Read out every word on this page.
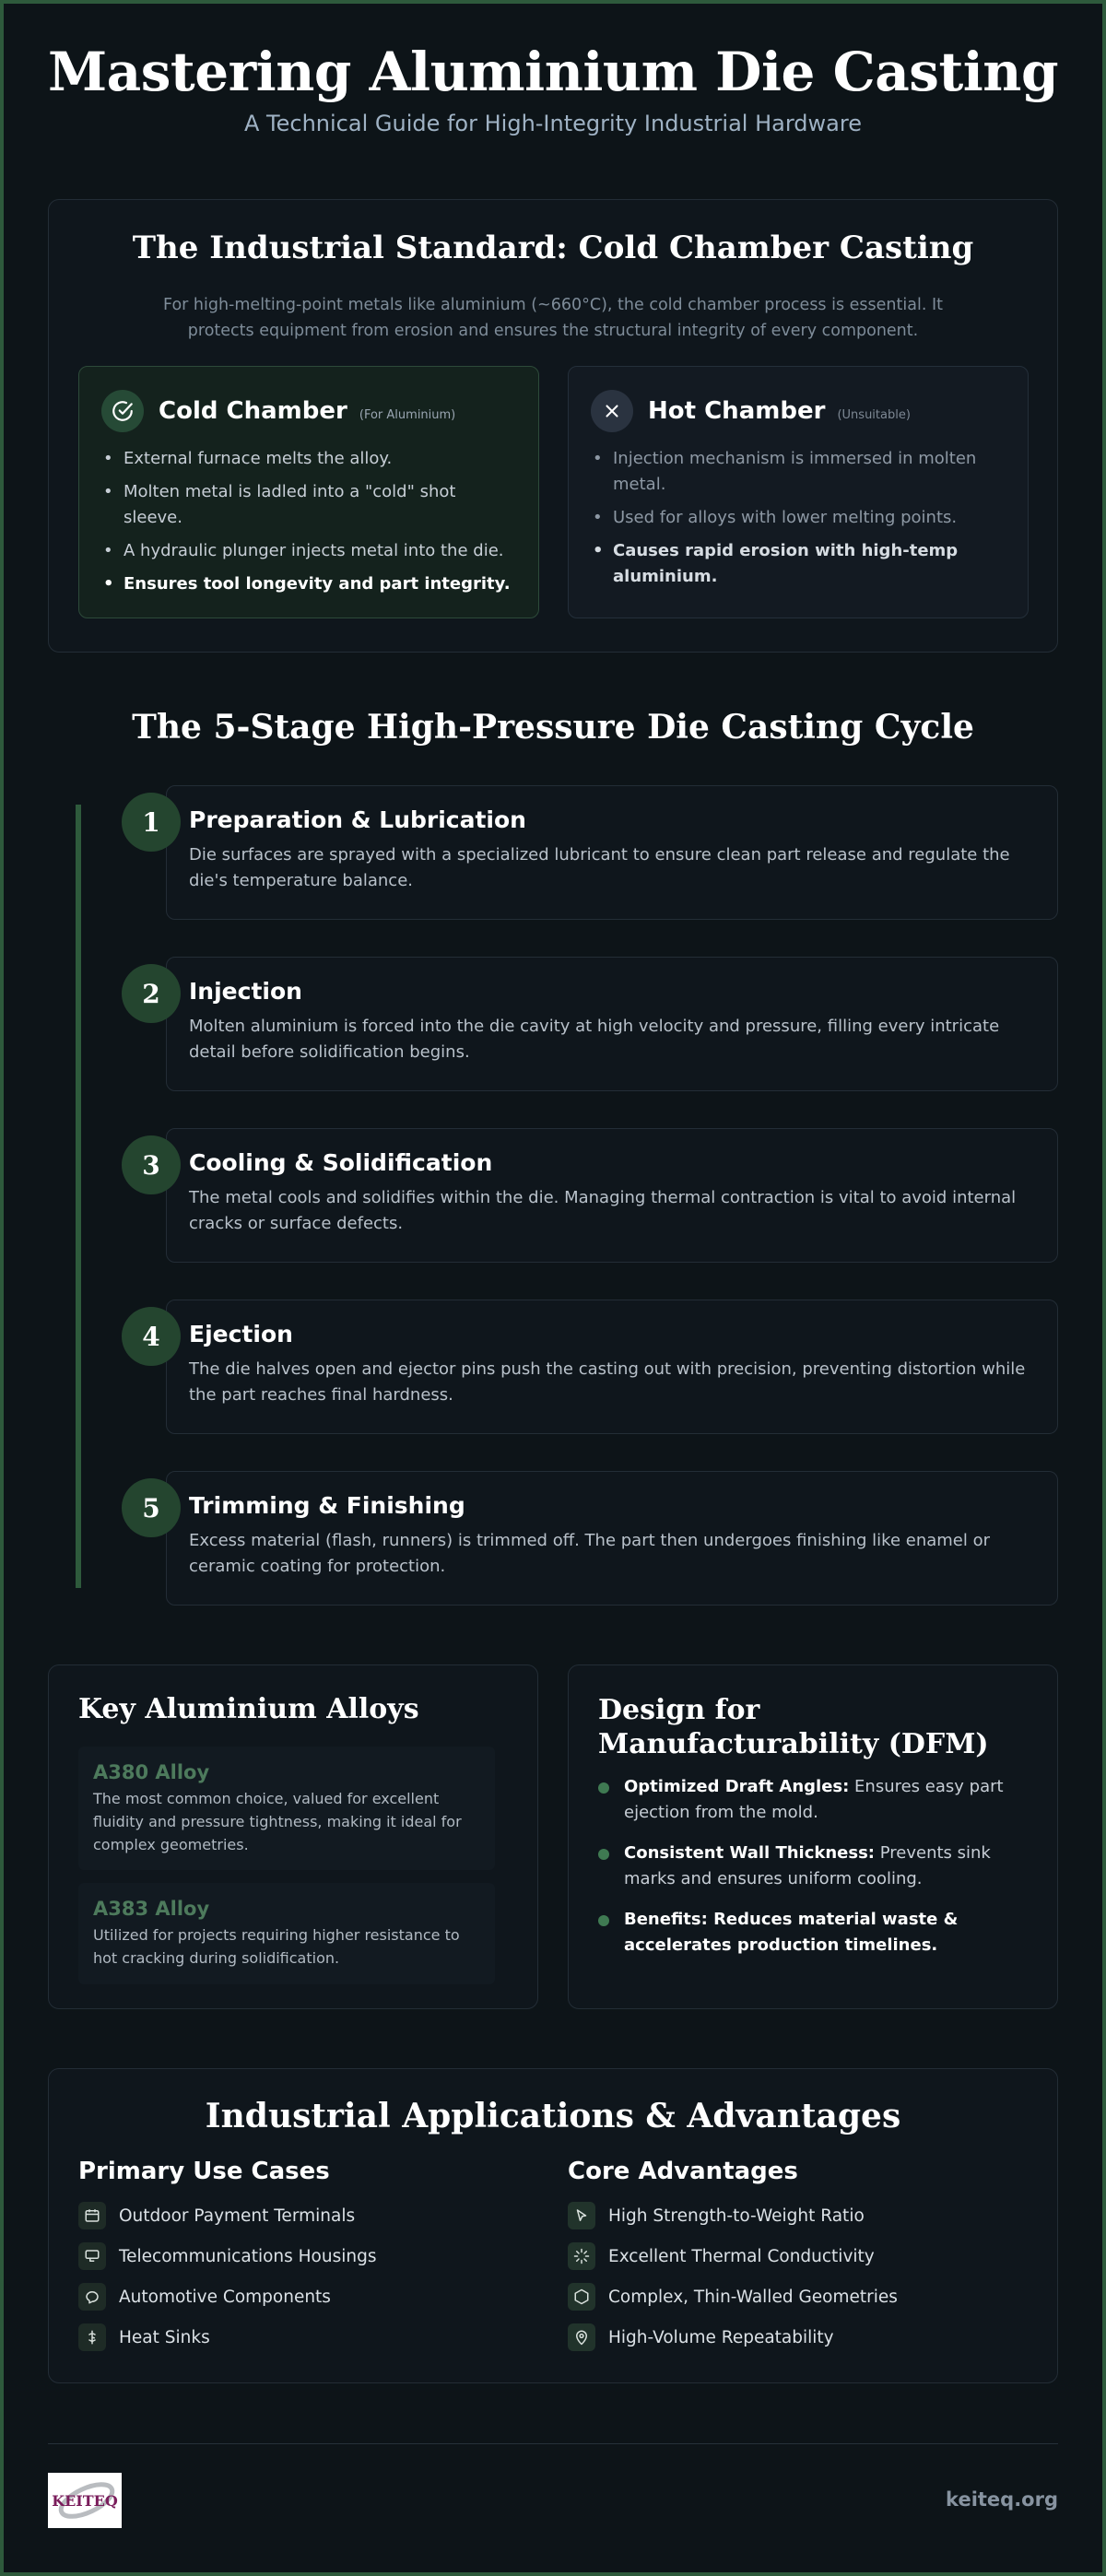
Mastering Aluminium Die Casting
A Technical Guide for High-Integrity Industrial Hardware
The Industrial Standard: Cold Chamber Casting
For high-melting-point metals like aluminium (~660°C), the cold chamber process is essential. It protects equipment from erosion and ensures the structural integrity of every component.
Cold Chamber (For Aluminium)
• External furnace melts the alloy.
• Molten metal is ladled into a "cold" shot sleeve.
• A hydraulic plunger injects metal into the die.
• Ensures tool longevity and part integrity.
Hot Chamber (Unsuitable)
• Injection mechanism is immersed in molten metal.
• Used for alloys with lower melting points.
• Causes rapid erosion with high-temp aluminium.
The 5-Stage High-Pressure Die Casting Cycle
Preparation & Lubrication
Die surfaces are sprayed with a specialized lubricant to ensure clean part release and regulate the die's temperature balance.
1
Injection
Molten aluminium is forced into the die cavity at high velocity and pressure, filling every intricate detail before solidification begins.
2
Cooling & Solidification
The metal cools and solidifies within the die. Managing thermal contraction is vital to avoid internal cracks or surface defects.
3
Ejection
The die halves open and ejector pins push the casting out with precision, preventing distortion while the part reaches final hardness.
4
Trimming & Finishing
Excess material (flash, runners) is trimmed off. The part then undergoes finishing like enamel or ceramic coating for protection.
5
Key Aluminium Alloys
A380 Alloy
The most common choice, valued for excellent fluidity and pressure tightness, making it ideal for complex geometries.
A383 Alloy
Utilized for projects requiring higher resistance to hot cracking during solidification.
Design for Manufacturability (DFM)
Optimized Draft Angles: Ensures easy part ejection from the mold.
Consistent Wall Thickness: Prevents sink marks and ensures uniform cooling.
Benefits: Reduces material waste & accelerates production timelines.
Industrial Applications & Advantages
Primary Use Cases
Outdoor Payment Terminals
Telecommunications Housings
Automotive Components
Heat Sinks
Core Advantages
High Strength-to-Weight Ratio
Excellent Thermal Conductivity
Complex, Thin-Walled Geometries
High-Volume Repeatability
KEITEQ	keiteq.org
